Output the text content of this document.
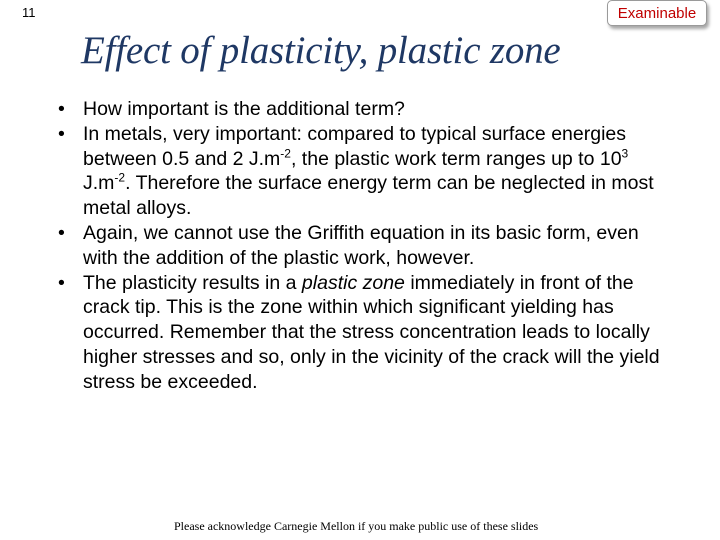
11	Examinable
Effect of plasticity, plastic zone
• How important is the additional term?
• In metals, very important: compared to typical surface energies between 0.5 and 2 $J.m^{-2}$, the plastic work term ranges up to $10^3$ $J.m^{-2}$. Therefore the surface energy term can be neglected in most metal alloys.
• Again, we cannot use the Griffith equation in its basic form, even with the addition of the plastic work, however.
• The plasticity results in a plastic zone immediately in front of the crack tip. This is the zone within which significant yielding has occurred. Remember that the stress concentration leads to locally higher stresses and so, only in the vicinity of the crack will the yield stress be exceeded.
Please acknowledge Carnegie Mellon if you make public use of these slides
